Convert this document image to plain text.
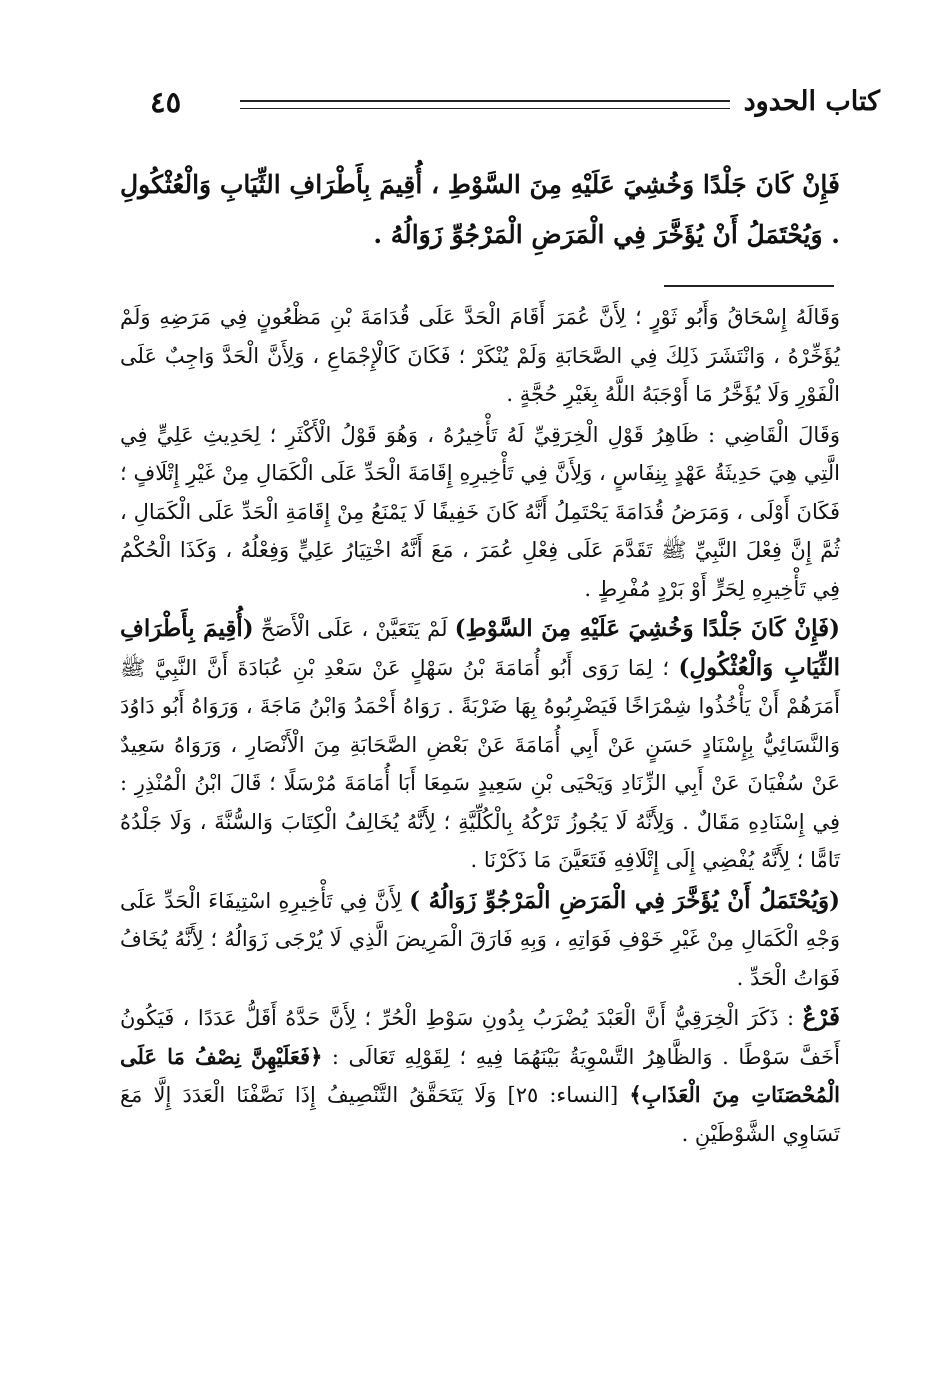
كتاب الحدود
٤٥
فَإِنْ كَانَ جَلْدًا وَخُشِيَ عَلَيْهِ مِنَ السَّوْطِ ، أُقِيمَ بِأَطْرَافِ الثِّيَابِ وَالْعُثْكُولِ . وَيُحْتَمَلُ أَنْ يُؤَخَّرَ فِي الْمَرَضِ الْمَرْجُوِّ زَوَالُهُ .

وَقَالَهُ إِسْحَاقُ وَأَبُو ثَوْرٍ ؛ لِأَنَّ عُمَرَ أَقَامَ الْحَدَّ عَلَى قُدَامَةَ بْنِ مَظْعُونٍ فِي مَرَضِهِ وَلَمْ يُؤَخِّرْهُ ، وَانْتَشَرَ ذَلِكَ فِي الصَّحَابَةِ وَلَمْ يُنْكَرْ ؛ فَكَانَ كَالْإِجْمَاعِ ، وَلِأَنَّ الْحَدَّ وَاجِبٌ عَلَى الْفَوْرِ وَلَا يُؤَخَّرُ مَا أَوْجَبَهُ اللَّهُ بِغَيْرِ حُجَّةٍ .

وَقَالَ الْقَاضِي : ظَاهِرُ قَوْلِ الْخِرَقِيِّ لَهُ تَأْخِيرُهُ ، وَهُوَ قَوْلُ الْأَكْثَرِ ؛ لِحَدِيثِ عَلِيٍّ فِي الَّتِي هِيَ حَدِيثَةُ عَهْدٍ بِنِفَاسٍ ، وَلِأَنَّ فِي تَأْخِيرِهِ إِقَامَةَ الْحَدِّ عَلَى الْكَمَالِ مِنْ غَيْرِ إِتْلَافٍ ؛ فَكَانَ أَوْلَى ، وَمَرَضُ قُدَامَةَ يَحْتَمِلُ أَنَّهُ كَانَ خَفِيفًا لَا يَمْنَعُ مِنْ إِقَامَةِ الْحَدِّ عَلَى الْكَمَالِ ، ثُمَّ إِنَّ فِعْلَ النَّبِيِّ ﷺ تَقَدَّمَ عَلَى فِعْلِ عُمَرَ ، مَعَ أَنَّهُ اخْتِيَارُ عَلِيٍّ وَفِعْلُهُ ، وَكَذَا الْحُكْمُ فِي تَأْخِيرِهِ لِحَرٍّ أَوْ بَرْدٍ مُفْرِطٍ .

(فَإِنْ كَانَ جَلْدًا وَخُشِيَ عَلَيْهِ مِنَ السَّوْطِ) لَمْ يَتَعَيَّنْ ، عَلَى الْأَصَحِّ (أُقِيمَ بِأَطْرَافِ الثِّيَابِ وَالْعُثْكُولِ) ؛ لِمَا رَوَى أَبُو أُمَامَةَ بْنُ سَهْلٍ عَنْ سَعْدِ بْنِ عُبَادَةَ أَنَّ النَّبِيَّ ﷺ أَمَرَهُمْ أَنْ يَأْخُذُوا شِمْرَاخًا فَيَضْرِبُوهُ بِهَا ضَرْبَةً . رَوَاهُ أَحْمَدُ وَابْنُ مَاجَةَ ، وَرَوَاهُ أَبُو دَاوُدَ وَالنَّسَائِيُّ بِإِسْنَادٍ حَسَنٍ عَنْ أَبِي أُمَامَةَ عَنْ بَعْضِ الصَّحَابَةِ مِنَ الْأَنْصَارِ ، وَرَوَاهُ سَعِيدٌ عَنْ سُفْيَانَ عَنْ أَبِي الزِّنَادِ وَيَحْيَى بْنِ سَعِيدٍ سَمِعَا أَبَا أُمَامَةَ مُرْسَلًا ؛ قَالَ ابْنُ الْمُنْذِرِ : فِي إِسْنَادِهِ مَقَالٌ . وَلِأَنَّهُ لَا يَجُوزُ تَرْكُهُ بِالْكُلِّيَّةِ ؛ لِأَنَّهُ يُخَالِفُ الْكِتَابَ وَالسُّنَّةَ ، وَلَا جَلْدُهُ تَامًّا ؛ لِأَنَّهُ يُفْضِي إِلَى إِتْلَافِهِ فَتَعَيَّنَ مَا ذَكَرْنَا .

(وَيُحْتَمَلُ أَنْ يُؤَخَّرَ فِي الْمَرَضِ الْمَرْجُوِّ زَوَالُهُ ) لِأَنَّ فِي تَأْخِيرِهِ اسْتِيفَاءَ الْحَدِّ عَلَى وَجْهِ الْكَمَالِ مِنْ غَيْرِ خَوْفِ فَوَاتِهِ ، وَبِهِ فَارَقَ الْمَرِيضَ الَّذِي لَا يُرْجَى زَوَالُهُ ؛ لِأَنَّهُ يُخَافُ فَوَاتُ الْحَدِّ .

فَرْعٌ : ذَكَرَ الْخِرَقِيُّ أَنَّ الْعَبْدَ يُضْرَبُ بِدُونِ سَوْطِ الْحُرِّ ؛ لِأَنَّ حَدَّهُ أَقَلُّ عَدَدًا ، فَيَكُونُ أَخَفَّ سَوْطًا . وَالظَّاهِرُ التَّسْوِيَةُ بَيْنَهُمَا فِيهِ ؛ لِقَوْلِهِ تَعَالَى : ﴿فَعَلَيْهِنَّ نِصْفُ مَا عَلَى الْمُحْصَنَاتِ مِنَ الْعَذَابِ﴾ [النساء: ٢٥] وَلَا يَتَحَقَّقُ التَّنْصِيفُ إِذَا نَصَّفْنَا الْعَدَدَ إِلَّا مَعَ تَسَاوِي الشَّوْطَيْنِ .
